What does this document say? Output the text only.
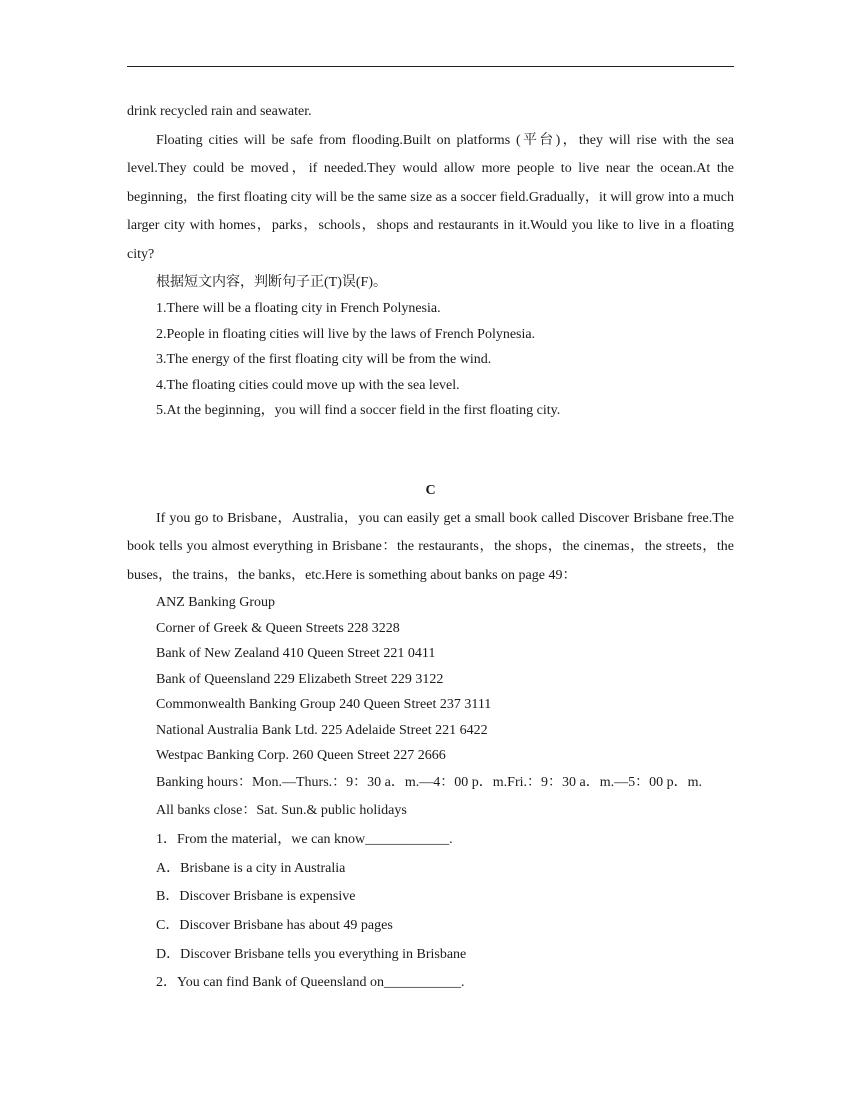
drink recycled rain and seawater.

Floating cities will be safe from flooding.Built on platforms (平台)，they will rise with the sea level.They could be moved，if needed.They would allow more people to live near the ocean.At the beginning，the first floating city will be the same size as a soccer field.Gradually，it will grow into a much larger city with homes，parks，schools，shops and restaurants in it.Would you like to live in a floating city?

根据短文内容，判断句子正(T)误(F)。

1.There will be a floating city in French Polynesia.

2.People in floating cities will live by the laws of French Polynesia.

3.The energy of the first floating city will be from the wind.

4.The floating cities could move up with the sea level.

5.At the beginning，you will find a soccer field in the first floating city.

C

If you go to Brisbane，Australia，you can easily get a small book called Discover Brisbane free.The book tells you almost everything in Brisbane：the restaurants，the shops，the cinemas，the streets，the buses，the trains，the banks，etc.Here is something about banks on page 49：

ANZ Banking Group

Corner of Greek & Queen Streets 228 3228

Bank of New Zealand 410 Queen Street 221 0411

Bank of Queensland 229 Elizabeth Street 229 3122

Commonwealth Banking Group 240 Queen Street 237 3111

National Australia Bank Ltd. 225 Adelaide Street 221 6422

Westpac Banking Corp. 260 Queen Street 227 2666

Banking hours：Mon.—Thurs.：9：30 a．m.—4：00 p．m.Fri.：9：30 a．m.—5：00 p．m.

All banks close：Sat. Sun.& public holidays

1．From the material，we can know____________.

A．Brisbane is a city in Australia

B．Discover Brisbane is expensive

C．Discover Brisbane has about 49 pages

D．Discover Brisbane tells you everything in Brisbane

2．You can find Bank of Queensland on___________.
